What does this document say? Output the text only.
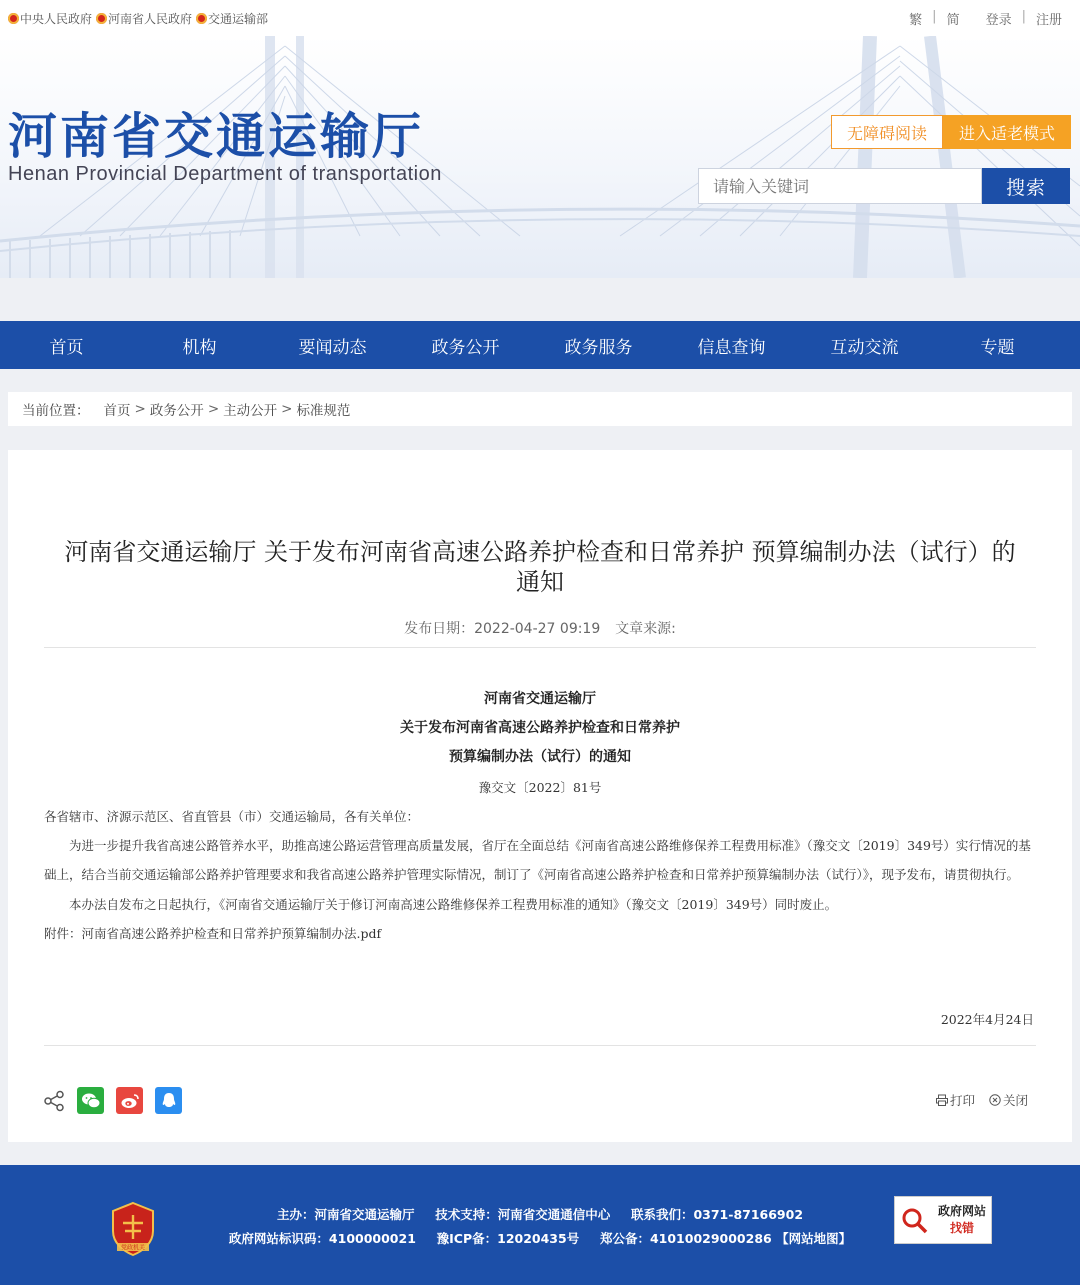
中央人民政府 河南省人民政府 交通运输部	繁 | 简 登录 | 注册
河南省交通运输厅
Henan Provincial Department of transportation
无障碍阅读	进入适老模式
请输入关键词
搜索
首页	机构	要闻动态	政务公开	政务服务	信息查询	互动交流	专题
当前位置： 首页 > 政务公开 > 主动公开 > 标准规范
河南省交通运输厅 关于发布河南省高速公路养护检查和日常养护 预算编制办法（试行）的
通知
发布日期：2022-04-27 09:19 文章来源:
河南省交通运输厅
关于发布河南省高速公路养护检查和日常养护
预算编制办法（试行）的通知
豫交文〔2022〕81号

各省辖市、济源示范区、省直管县（市）交通运输局，各有关单位：

为进一步提升我省高速公路管养水平，助推高速公路运营管理高质量发展，省厅在全面总结《河南省高速公路维修保养工程费用标准》（豫交文〔2019〕349号）实行情况的基础上，结合当前交通运输部公路养护管理要求和我省高速公路养护管理实际情况，制订了《河南省高速公路养护检查和日常养护预算编制办法（试行）》，现予发布，请贯彻执行。

本办法自发布之日起执行，《河南省交通运输厅关于修订河南高速公路维修保养工程费用标准的通知》（豫交文〔2019〕349号）同时废止。

附件：河南省高速公路养护检查和日常养护预算编制办法.pdf

2022年4月24日
打印 关闭
党政机关
主办：河南省交通运输厅 技术支持：河南省交通通信中心 联系我们：0371-87166902
政府网站标识码：4100000021 豫ICP备：12020435号 郑公备：41010029000286 【网站地图】
政府网站
找错
